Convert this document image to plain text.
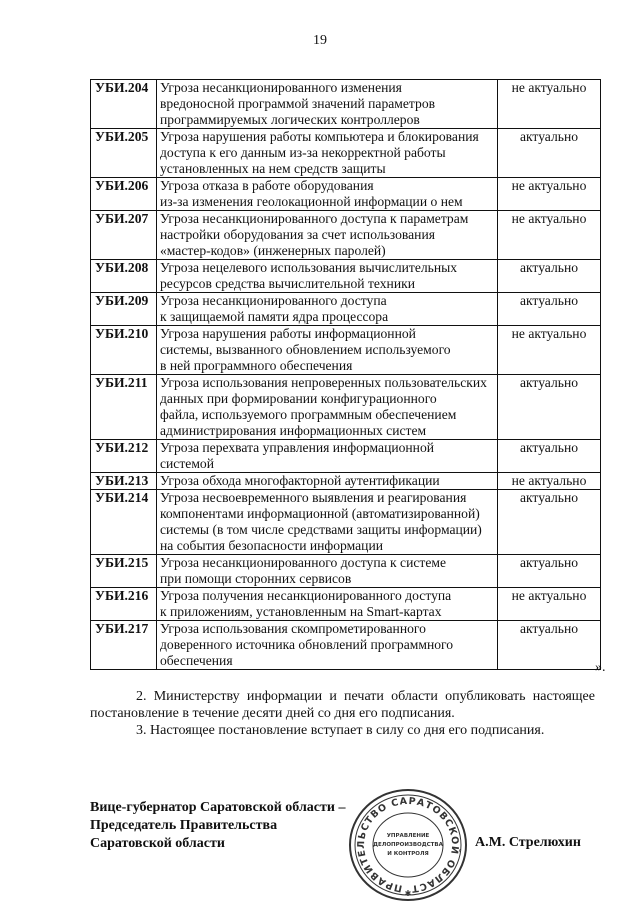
19
УБИ.204	Угроза несанкционированного изменения
вредоносной программой значений параметров
программируемых логических контроллеров	не актуально
УБИ.205	Угроза нарушения работы компьютера и блокирования
доступа к его данным из-за некорректной работы
установленных на нем средств защиты	актуально
УБИ.206	Угроза отказа в работе оборудования
из-за изменения геолокационной информации о нем	не актуально
УБИ.207	Угроза несанкционированного доступа к параметрам
настройки оборудования за счет использования
«мастер-кодов» (инженерных паролей)	не актуально
УБИ.208	Угроза нецелевого использования вычислительных
ресурсов средства вычислительной техники	актуально
УБИ.209	Угроза несанкционированного доступа
к защищаемой памяти ядра процессора	актуально
УБИ.210	Угроза нарушения работы информационной
системы, вызванного обновлением используемого
в ней программного обеспечения	не актуально
УБИ.211	Угроза использования непроверенных пользовательских
данных при формировании конфигурационного
файла, используемого программным обеспечением
администрирования информационных систем	актуально
УБИ.212	Угроза перехвата управления информационной
системой	актуально
УБИ.213	Угроза обхода многофакторной аутентификации	не актуально
УБИ.214	Угроза несвоевременного выявления и реагирования
компонентами информационной (автоматизированной)
системы (в том числе средствами защиты информации)
на события безопасности информации	актуально
УБИ.215	Угроза несанкционированного доступа к системе
при помощи сторонних сервисов	актуально
УБИ.216	Угроза получения несанкционированного доступа
к приложениям, установленным на Smart-картах	не актуально
УБИ.217	Угроза использования скомпрометированного
доверенного источника обновлений программного
обеспечения	актуально
».
2. Министерству информации и печати области опубликовать настоящее постановление в течение десяти дней со дня его подписания.
3. Настоящее постановление вступает в силу со дня его подписания.
Вице-губернатор Саратовской области –
Председатель Правительства
Саратовской области
ПРАВИТЕЛЬСТВО САРАТОВСКОЙ ОБЛАСТ
УПРАВЛЕНИЕ
ДЕЛОПРОИЗВОДСТВА
И КОНТРОЛЯ
✱
А.М. Стрелюхин
